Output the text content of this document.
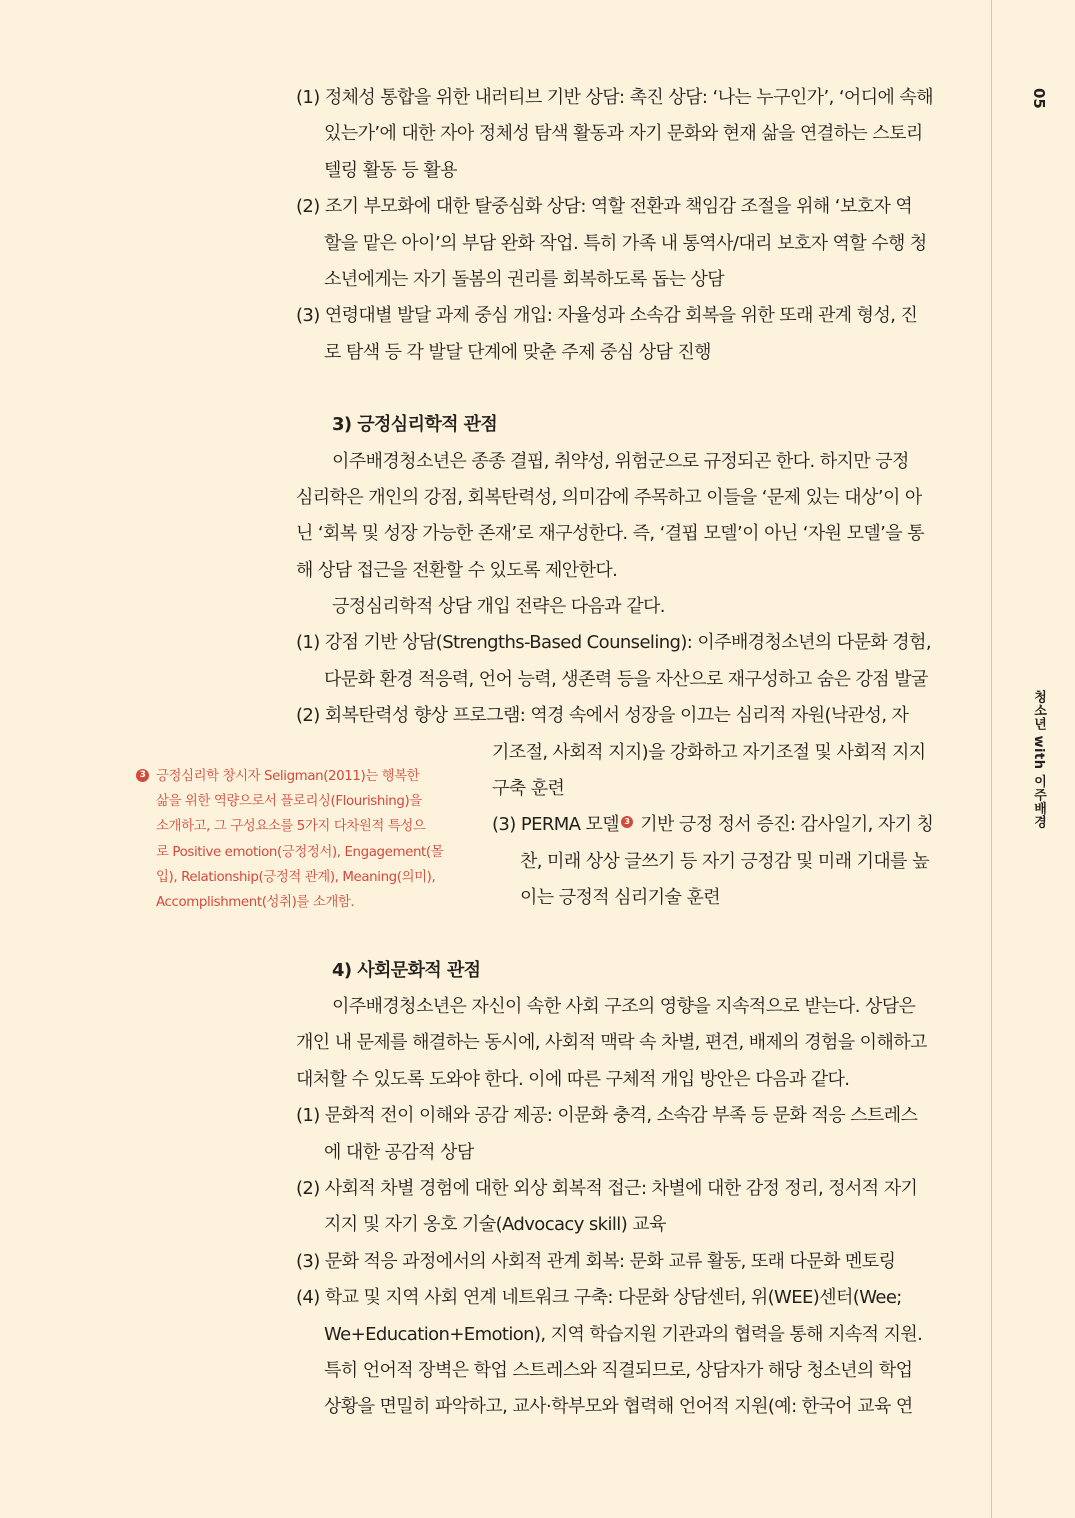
05
청소년 with 이주배경
(1) 정체성 통합을 위한 내러티브 기반 상담: 촉진 상담: ‘나는 누구인가’, ‘어디에 속해
있는가’에 대한 자아 정체성 탐색 활동과 자기 문화와 현재 삶을 연결하는 스토리
텔링 활동 등 활용
(2) 조기 부모화에 대한 탈중심화 상담: 역할 전환과 책임감 조절을 위해 ‘보호자 역
할을 맡은 아이’의 부담 완화 작업. 특히 가족 내 통역사/대리 보호자 역할 수행 청
소년에게는 자기 돌봄의 권리를 회복하도록 돕는 상담
(3) 연령대별 발달 과제 중심 개입: 자율성과 소속감 회복을 위한 또래 관계 형성, 진
로 탐색 등 각 발달 단계에 맞춘 주제 중심 상담 진행
3) 긍정심리학적 관점
이주배경청소년은 종종 결핍, 취약성, 위험군으로 규정되곤 한다. 하지만 긍정
심리학은 개인의 강점, 회복탄력성, 의미감에 주목하고 이들을 ‘문제 있는 대상’이 아
닌 ‘회복 및 성장 가능한 존재’로 재구성한다. 즉, ‘결핍 모델’이 아닌 ‘자원 모델’을 통
해 상담 접근을 전환할 수 있도록 제안한다.
긍정심리학적 상담 개입 전략은 다음과 같다.
(1) 강점 기반 상담(Strengths-Based Counseling): 이주배경청소년의 다문화 경험,
다문화 환경 적응력, 언어 능력, 생존력 등을 자산으로 재구성하고 숨은 강점 발굴
(2) 회복탄력성 향상 프로그램: 역경 속에서 성장을 이끄는 심리적 자원(낙관성, 자
기조절, 사회적 지지)을 강화하고 자기조절 및 사회적 지지
구축 훈련
(3) PERMA 모델 3 기반 긍정 정서 증진: 감사일기, 자기 칭
찬, 미래 상상 글쓰기 등 자기 긍정감 및 미래 기대를 높
이는 긍정적 심리기술 훈련
4) 사회문화적 관점
이주배경청소년은 자신이 속한 사회 구조의 영향을 지속적으로 받는다. 상담은
개인 내 문제를 해결하는 동시에, 사회적 맥락 속 차별, 편견, 배제의 경험을 이해하고
대처할 수 있도록 도와야 한다. 이에 따른 구체적 개입 방안은 다음과 같다.
(1) 문화적 전이 이해와 공감 제공: 이문화 충격, 소속감 부족 등 문화 적응 스트레스
에 대한 공감적 상담
(2) 사회적 차별 경험에 대한 외상 회복적 접근: 차별에 대한 감정 정리, 정서적 자기
지지 및 자기 옹호 기술(Advocacy skill) 교육
(3) 문화 적응 과정에서의 사회적 관계 회복: 문화 교류 활동, 또래 다문화 멘토링
(4) 학교 및 지역 사회 연계 네트워크 구축: 다문화 상담센터, 위(WEE)센터(Wee;
We+Education+Emotion), 지역 학습지원 기관과의 협력을 통해 지속적 지원.
특히 언어적 장벽은 학업 스트레스와 직결되므로, 상담자가 해당 청소년의 학업
상황을 면밀히 파악하고, 교사·학부모와 협력해 언어적 지원(예: 한국어 교육 연
3 긍정심리학 창시자 Seligman(2011)는 행복한
삶을 위한 역량으로서 플로리싱(Flourishing)을
소개하고, 그 구성요소를 5가지 다차원적 특성으
로 Positive emotion(긍정정서), Engagement(몰
입), Relationship(긍정적 관계), Meaning(의미),
Accomplishment(성취)를 소개함.
